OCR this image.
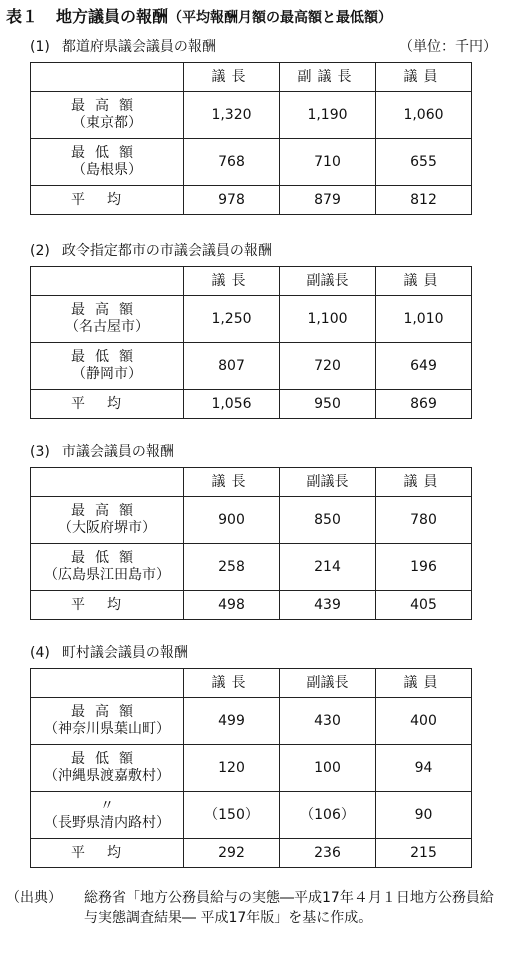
表１ 地方議員の報酬（平均報酬月額の最高額と最低額）
(1) 都道府県議会議員の報酬	（単位：千円）
	議長	副議長	議員

最高額
（東京都）	1,320	1,190	1,060

最低額
（島根県）	768	710	655

平均	978	879	812
(2) 政令指定都市の市議会議員の報酬
	議長	副議長	議員

最高額
（名古屋市）	1,250	1,100	1,010

最低額
（静岡市）	807	720	649

平均	1,056	950	869
(3) 市議会議員の報酬
	議長	副議長	議員

最高額
（大阪府堺市）	900	850	780

最低額
（広島県江田島市）	258	214	196

平均	498	439	405
(4) 町村議会議員の報酬
	議長	副議長	議員

最高額
（神奈川県葉山町）	499	430	400

最低額
（沖縄県渡嘉敷村）	120	100	94

〃
（長野県清内路村）	（150）	（106）	90

平均	292	236	215
（出典） 総務省「地方公務員給与の実態―平成17年４月１日地方公務員給与実態調査結果― 平成17年版」を基に作成。
